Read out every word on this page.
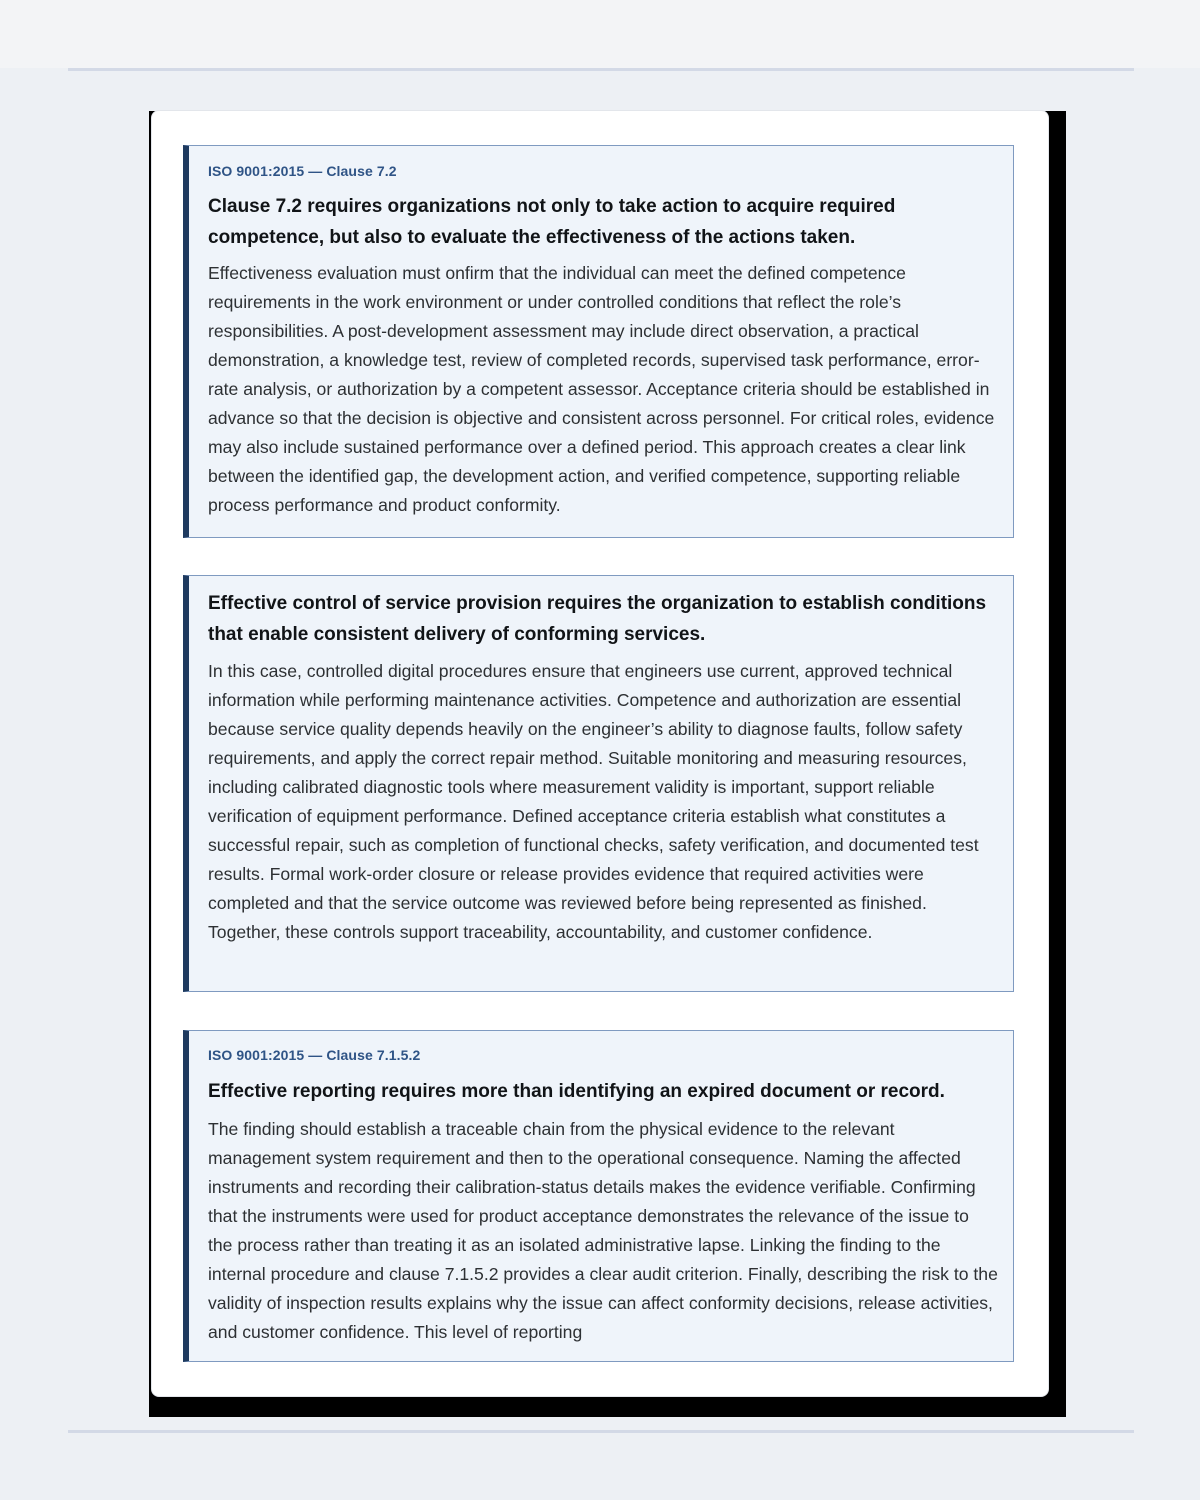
ISO 9001:2015 — Clause 7.2

Clause 7.2 requires organizations not only to take action to acquire required competence, but also to evaluate the effectiveness of the actions taken.

Effectiveness evaluation must onfirm that the individual can meet the defined competence requirements in the work environment or under controlled conditions that reflect the role’s responsibilities. A post-development assessment may include direct observation, a practical demonstration, a knowledge test, review of completed records, supervised task performance, error-rate analysis, or authorization by a competent assessor. Acceptance criteria should be established in advance so that the decision is objective and consistent across personnel. For critical roles, evidence may also include sustained performance over a defined period. This approach creates a clear link between the identified gap, the development action, and verified competence, supporting reliable process performance and product conformity.

Effective control of service provision requires the organization to establish conditions that enable consistent delivery of conforming services.

In this case, controlled digital procedures ensure that engineers use current, approved technical information while performing maintenance activities. Competence and authorization are essential because service quality depends heavily on the engineer’s ability to diagnose faults, follow safety requirements, and apply the correct repair method. Suitable monitoring and measuring resources, including calibrated diagnostic tools where measurement validity is important, support reliable verification of equipment performance. Defined acceptance criteria establish what constitutes a successful repair, such as completion of functional checks, safety verification, and documented test results. Formal work-order closure or release provides evidence that required activities were completed and that the service outcome was reviewed before being represented as finished. Together, these controls support traceability, accountability, and customer confidence.

ISO 9001:2015 — Clause 7.1.5.2

Effective reporting requires more than identifying an expired document or record.

The finding should establish a traceable chain from the physical evidence to the relevant management system requirement and then to the operational consequence. Naming the affected instruments and recording their calibration-status details makes the evidence verifiable. Confirming that the instruments were used for product acceptance demonstrates the relevance of the issue to the process rather than treating it as an isolated administrative lapse. Linking the finding to the internal procedure and clause 7.1.5.2 provides a clear audit criterion. Finally, describing the risk to the validity of inspection results explains why the issue can affect conformity decisions, release activities, and customer confidence. This level of reporting
